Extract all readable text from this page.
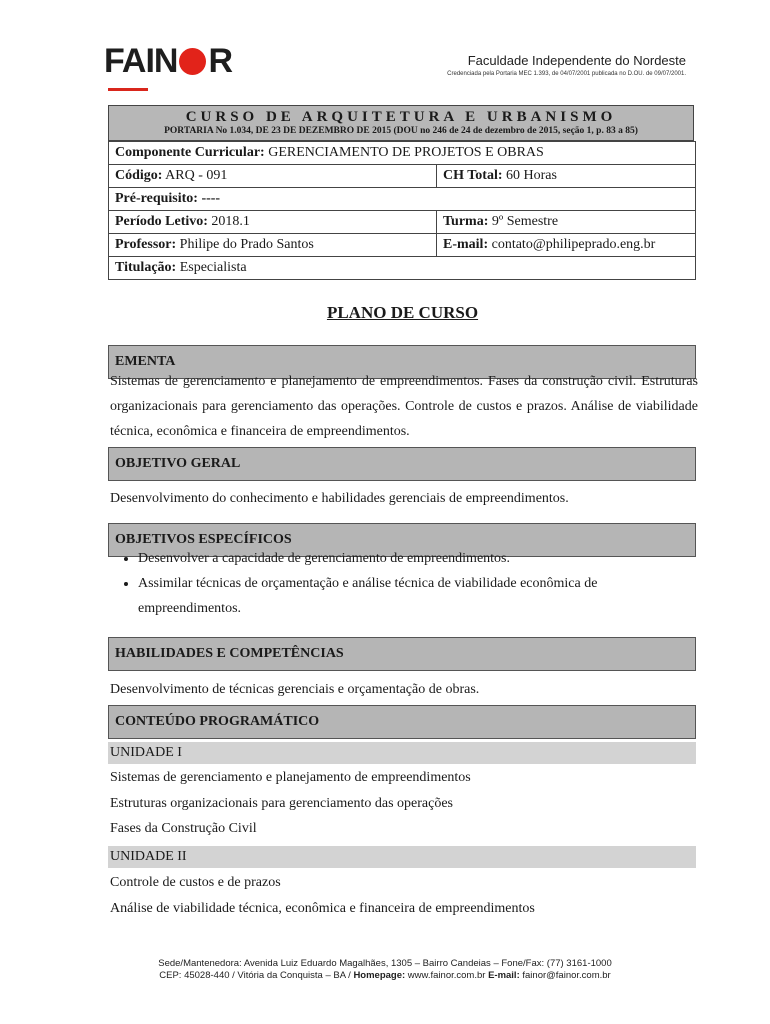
FAIN R	Faculdade Independente do Nordeste
Credenciada pela Portaria MEC 1.393, de 04/07/2001 publicada no D.OU. de 09/07/2001.
CURSO DE ARQUITETURA E URBANISMO
PORTARIA No 1.034, DE 23 DE DEZEMBRO DE 2015 (DOU no 246 de 24 de dezembro de 2015, seção 1, p. 83 a 85)
Componente Curricular: GERENCIAMENTO DE PROJETOS E OBRAS	
Código: ARQ - 091	CH Total: 60 Horas
Pré-requisito: ----	
Período Letivo: 2018.1	Turma: 9º Semestre
Professor: Philipe do Prado Santos	E-mail: contato@philipeprado.eng.br
Titulação: Especialista	
PLANO DE CURSO
EMENTA
Sistemas de gerenciamento e planejamento de empreendimentos. Fases da construção civil. Estruturas organizacionais para gerenciamento das operações. Controle de custos e prazos. Análise de viabilidade técnica, econômica e financeira de empreendimentos.
OBJETIVO GERAL
Desenvolvimento do conhecimento e habilidades gerenciais de empreendimentos.
OBJETIVOS ESPECÍFICOS
• Desenvolver a capacidade de gerenciamento de empreendimentos.
• Assimilar técnicas de orçamentação e análise técnica de viabilidade econômica de empreendimentos.
HABILIDADES E COMPETÊNCIAS
Desenvolvimento de técnicas gerenciais e orçamentação de obras.
CONTEÚDO PROGRAMÁTICO
UNIDADE I
Sistemas de gerenciamento e planejamento de empreendimentos
Estruturas organizacionais para gerenciamento das operações
Fases da Construção Civil
UNIDADE II
Controle de custos e de prazos
Análise de viabilidade técnica, econômica e financeira de empreendimentos
Sede/Mantenedora: Avenida Luiz Eduardo Magalhães, 1305 – Bairro Candeias – Fone/Fax: (77) 3161-1000
CEP: 45028-440 / Vitória da Conquista – BA / Homepage: www.fainor.com.br E-mail: fainor@fainor.com.br
